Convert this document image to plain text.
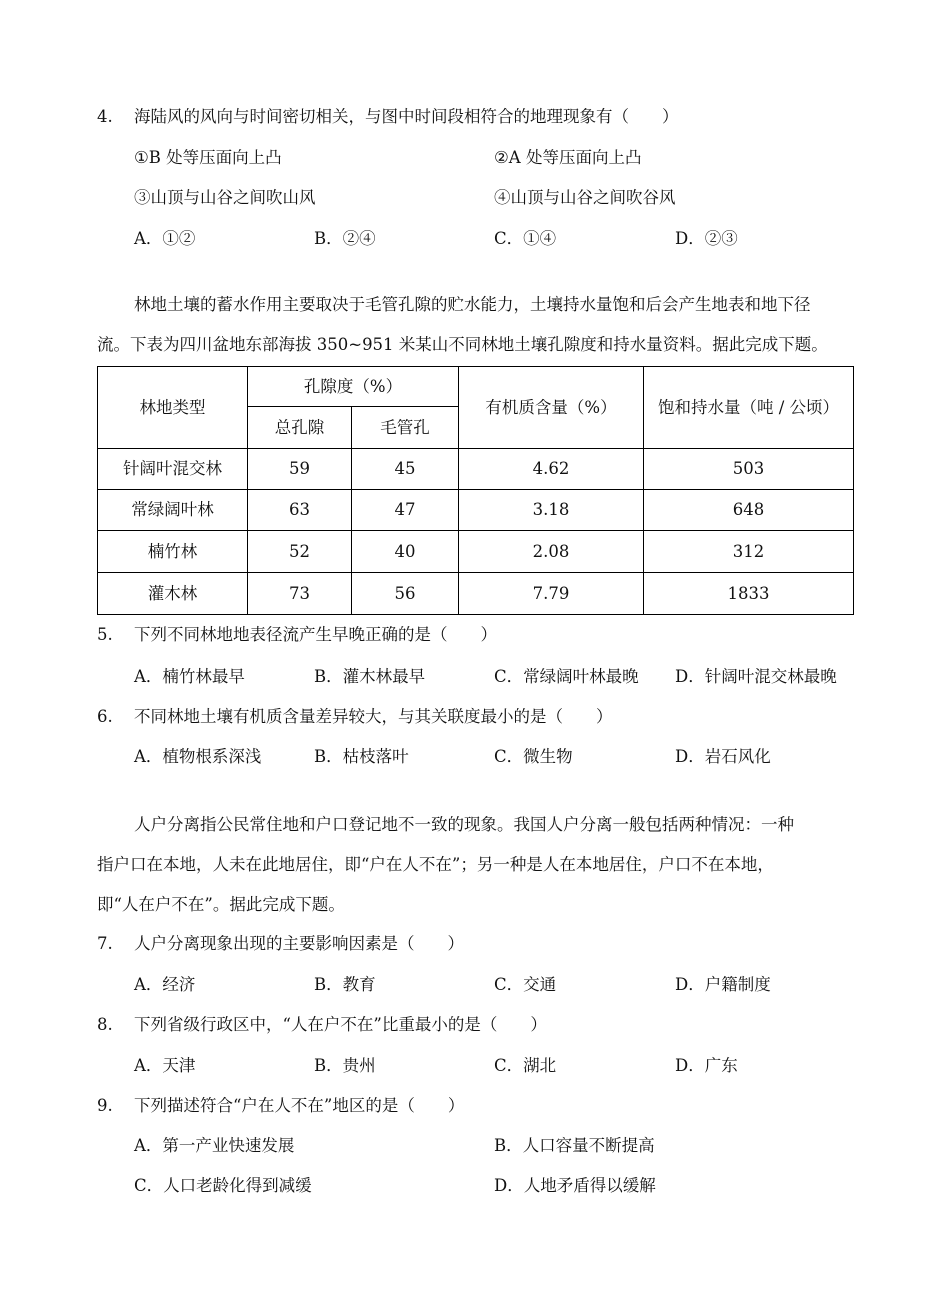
4. 海陆风的风向与时间密切相关，与图中时间段相符合的地理现象有（　　）
①B 处等压面向上凸	②A 处等压面向上凸
③山顶与山谷之间吹山风	④山顶与山谷之间吹谷风
A．①②	B．②④	C．①④	D．②③
林地土壤的蓄水作用主要取决于毛管孔隙的贮水能力，土壤持水量饱和后会产生地表和地下径
流。下表为四川盆地东部海拔 350~951 米某山不同林地土壤孔隙度和持水量资料。据此完成下题。
林地类型	孔隙度（%）		有机质含量（%）	饱和持水量（吨 / 公顷）
	总孔隙	毛管孔		
针阔叶混交林	59	45	4.62	503
常绿阔叶林	63	47	3.18	648
楠竹林	52	40	2.08	312
灌木林	73	56	7.79	1833
5. 下列不同林地地表径流产生早晚正确的是（　　）
A．楠竹林最早	B．灌木林最早	C．常绿阔叶林最晚 D．针阔叶混交林最晚
6. 不同林地土壤有机质含量差异较大，与其关联度最小的是（　　）
A．植物根系深浅	B．枯枝落叶	C．微生物	D．岩石风化
人户分离指公民常住地和户口登记地不一致的现象。我国人户分离一般包括两种情况：一种
指户口在本地，人未在此地居住，即“户在人不在”；另一种是人在本地居住，户口不在本地，
即“人在户不在”。据此完成下题。
7. 人户分离现象出现的主要影响因素是（　　）
A．经济	B．教育	C．交通	D．户籍制度
8. 下列省级行政区中，“人在户不在”比重最小的是（　　）
A．天津	B．贵州	C．湖北	D．广东
9. 下列描述符合“户在人不在”地区的是（　　）
A．第一产业快速发展	B．人口容量不断提高
C．人口老龄化得到减缓	D．人地矛盾得以缓解
